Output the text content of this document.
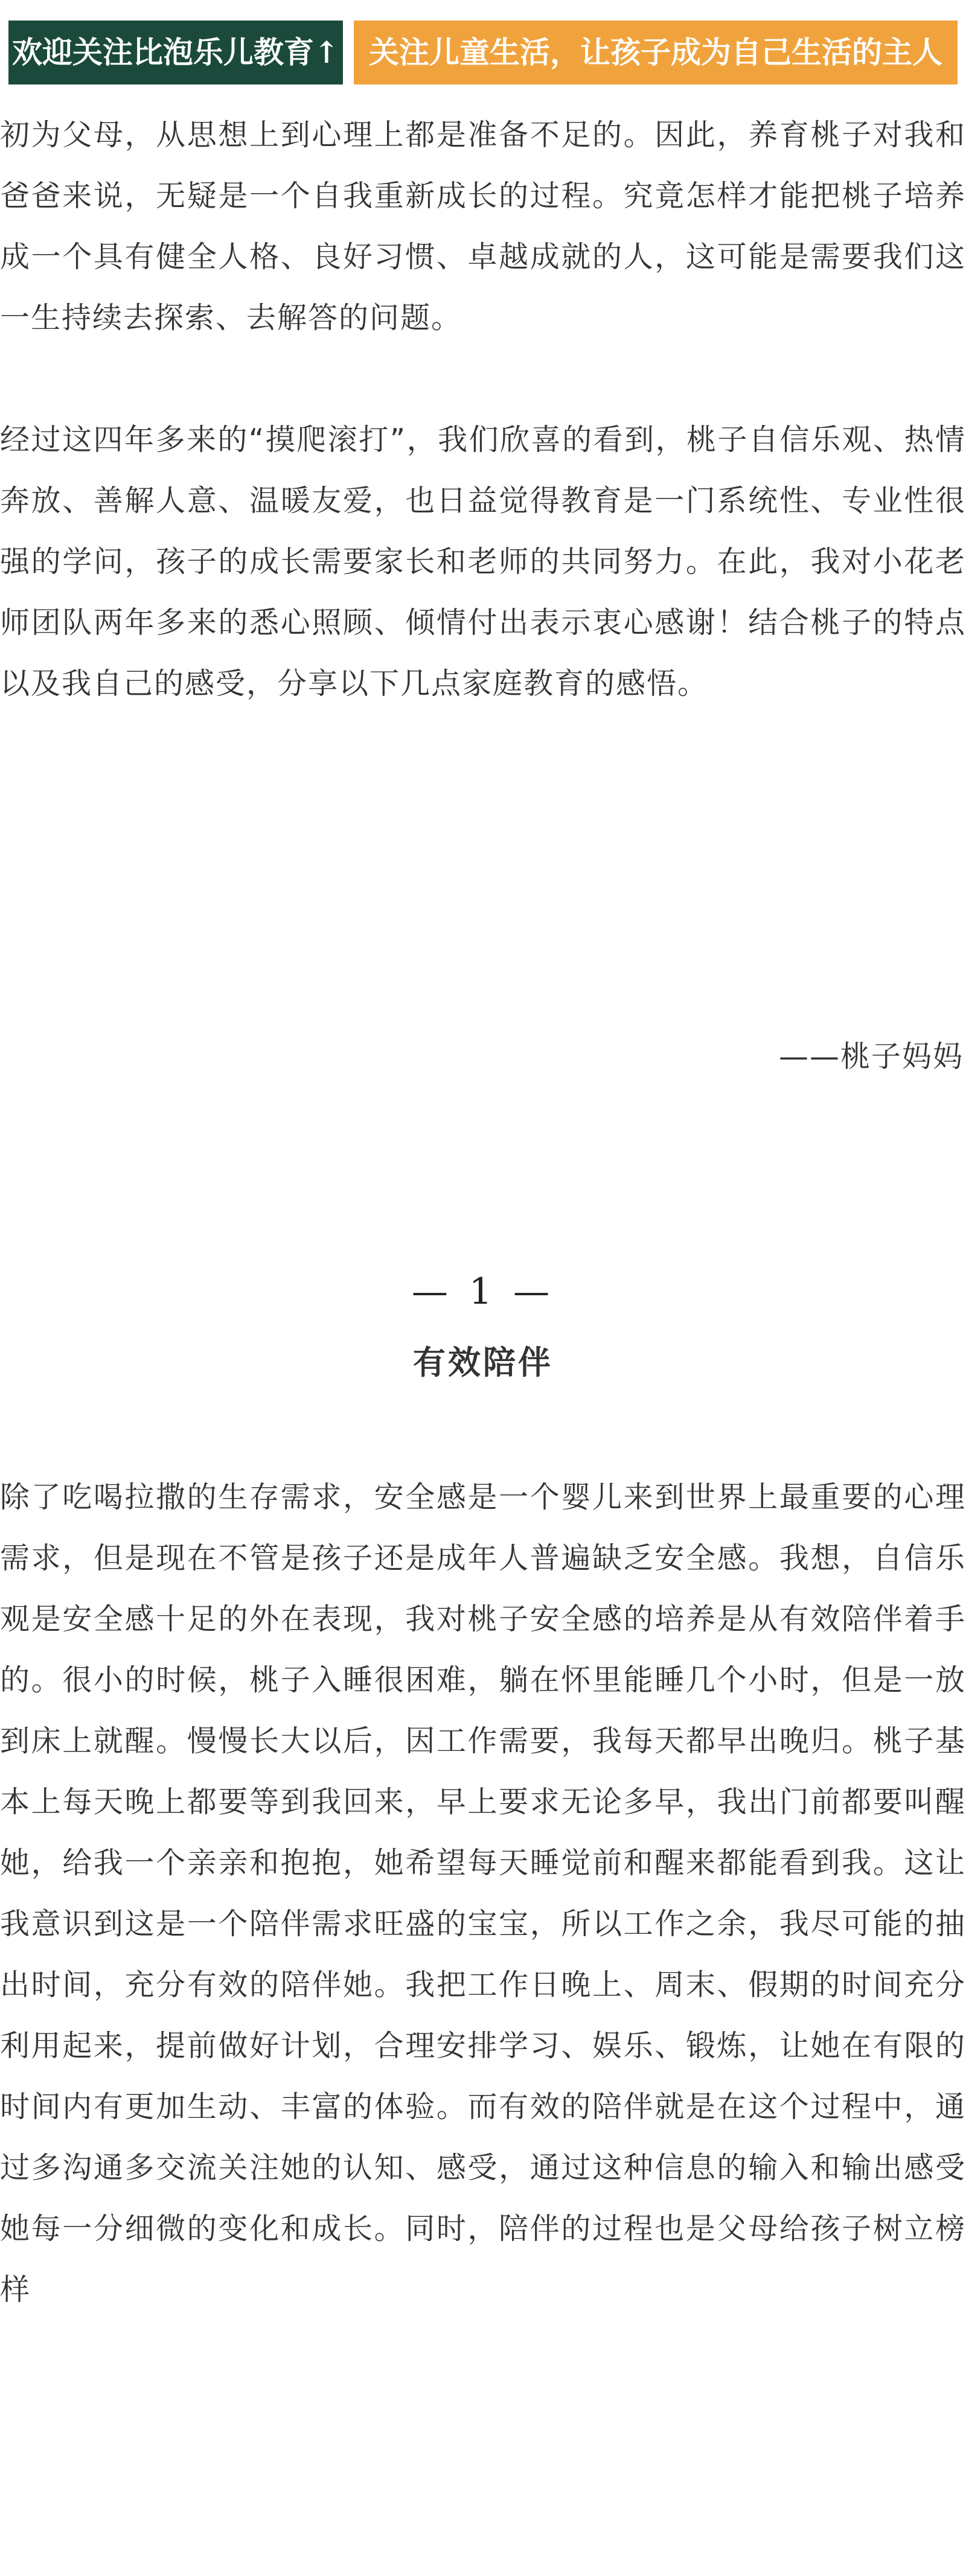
欢迎关注比泡乐儿教育↑ 关注儿童生活，让孩子成为自己生活的主人

初为父母，从思想上到心理上都是准备不足的。因此，养育桃子对我和爸爸来说，无疑是一个自我重新成长的过程。究竟怎样才能把桃子培养成一个具有健全人格、良好习惯、卓越成就的人，这可能是需要我们这一生持续去探索、去解答的问题。

经过这四年多来的“摸爬滚打”，我们欣喜的看到，桃子自信乐观、热情奔放、善解人意、温暖友爱，也日益觉得教育是一门系统性、专业性很强的学问，孩子的成长需要家长和老师的共同努力。在此，我对小花老师团队两年多来的悉心照顾、倾情付出表示衷心感谢！结合桃子的特点以及我自己的感受，分享以下几点家庭教育的感悟。

——桃子妈妈
— 1 —
有效陪伴

除了吃喝拉撒的生存需求，安全感是一个婴儿来到世界上最重要的心理需求，但是现在不管是孩子还是成年人普遍缺乏安全感。我想，自信乐观是安全感十足的外在表现，我对桃子安全感的培养是从有效陪伴着手的。很小的时候，桃子入睡很困难，躺在怀里能睡几个小时，但是一放到床上就醒。慢慢长大以后，因工作需要，我每天都早出晚归。桃子基本上每天晚上都要等到我回来，早上要求无论多早，我出门前都要叫醒她，给我一个亲亲和抱抱，她希望每天睡觉前和醒来都能看到我。这让我意识到这是一个陪伴需求旺盛的宝宝，所以工作之余，我尽可能的抽出时间，充分有效的陪伴她。我把工作日晚上、周末、假期的时间充分利用起来，提前做好计划，合理安排学习、娱乐、锻炼，让她在有限的时间内有更加生动、丰富的体验。而有效的陪伴就是在这个过程中，通过多沟通多交流关注她的认知、感受，通过这种信息的输入和输出感受她每一分细微的变化和成长。同时，陪伴的过程也是父母给孩子树立榜样
